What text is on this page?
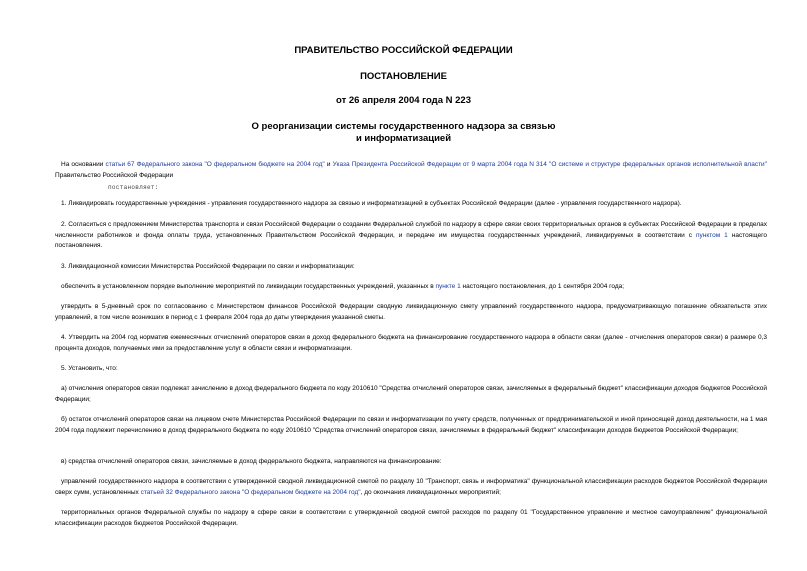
ПРАВИТЕЛЬСТВО РОССИЙСКОЙ ФЕДЕРАЦИИ

ПОСТАНОВЛЕНИЕ

от 26 апреля 2004 года N 223

О реорганизации системы государственного надзора за связью

и информатизацией

На основании статьи 67 Федерального закона "О федеральном бюджете на 2004 год" и Указа Президента Российской Федерации от 9 марта 2004 года N 314 "О системе и структуре федеральных органов исполнительной власти" Правительство Российской Федерации

постановляет:

1. Ликвидировать государственные учреждения - управления государственного надзора за связью и информатизацией в субъектах Российской Федерации (далее - управления государственного надзора).

2. Согласиться с предложением Министерства транспорта и связи Российской Федерации о создании Федеральной службой по надзору в сфере связи своих территориальных органов в субъектах Российской Федерации в пределах численности работников и фонда оплаты труда, установленных Правительством Российской Федерации, и передаче им имущества государственных учреждений, ликвидируемых в соответствии с пунктом 1 настоящего постановления.

3. Ликвидационной комиссии Министерства Российской Федерации по связи и информатизации:

обеспечить в установленном порядке выполнение мероприятий по ликвидации государственных учреждений, указанных в пункте 1 настоящего постановления, до 1 сентября 2004 года;

утвердить в 5-дневный срок по согласованию с Министерством финансов Российской Федерации сводную ликвидационную смету управлений государственного надзора, предусматривающую погашение обязательств этих управлений, в том числе возникших в период с 1 февраля 2004 года до даты утверждения указанной сметы.

4. Утвердить на 2004 год норматив ежемесячных отчислений операторов связи в доход федерального бюджета на финансирование государственного надзора в области связи (далее - отчисления операторов связи) в размере 0,3 процента доходов, получаемых ими за предоставление услуг в области связи и информатизации.

5. Установить, что:

а) отчисления операторов связи подлежат зачислению в доход федерального бюджета по коду 2010610 "Средства отчислений операторов связи, зачисляемых в федеральный бюджет" классификации доходов бюджетов Российской Федерации;

б) остаток отчислений операторов связи на лицевом счете Министерства Российской Федерации по связи и информатизации по учету средств, полученных от предпринимательской и иной приносящей доход деятельности, на 1 мая 2004 года подлежит перечислению в доход федерального бюджета по коду 2010610 "Средства отчислений операторов связи, зачисляемых в федеральный бюджет" классификации доходов бюджетов Российской Федерации;

в) средства отчислений операторов связи, зачисляемые в доход федерального бюджета, направляются на финансирование:

управлений государственного надзора в соответствии с утвержденной сводной ликвидационной сметой по разделу 10 "Транспорт, связь и информатика" функциональной классификации расходов бюджетов Российской Федерации сверх сумм, установленных статьей 32 Федерального закона "О федеральном бюджете на 2004 год", до окончания ликвидационных мероприятий;

территориальных органов Федеральной службы по надзору в сфере связи в соответствии с утвержденной сводной сметой расходов по разделу 01 "Государственное управление и местное самоуправление" функциональной классификации расходов бюджетов Российской Федерации.
